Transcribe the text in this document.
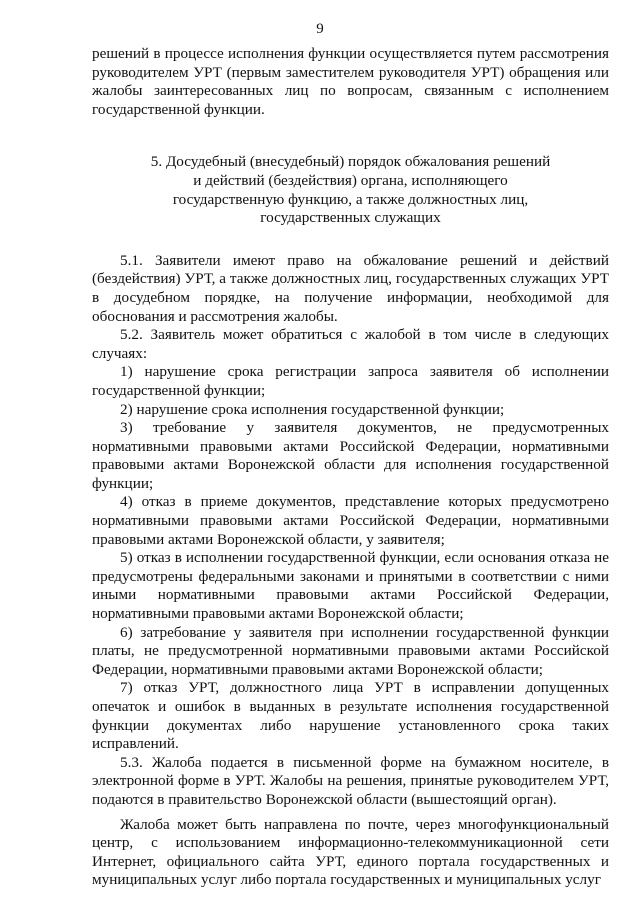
9

решений в процессе исполнения функции осуществляется путем рассмотрения руководителем УРТ (первым заместителем руководителя УРТ) обращения или жалобы заинтересованных лиц по вопросам, связанным с исполнением государственной функции.

5. Досудебный (внесудебный) порядок обжалования решений
и действий (бездействия) органа, исполняющего
государственную функцию, а также должностных лиц,
государственных служащих

5.1. Заявители имеют право на обжалование решений и действий (бездействия) УРТ, а также должностных лиц, государственных служащих УРТ в досудебном порядке, на получение информации, необходимой для обоснования и рассмотрения жалобы.

5.2. Заявитель может обратиться с жалобой в том числе в следующих случаях:

1) нарушение срока регистрации запроса заявителя об исполнении государственной функции;

2) нарушение срока исполнения государственной функции;

3) требование у заявителя документов, не предусмотренных нормативными правовыми актами Российской Федерации, нормативными правовыми актами Воронежской области для исполнения государственной функции;

4) отказ в приеме документов, представление которых предусмотрено нормативными правовыми актами Российской Федерации, нормативными правовыми актами Воронежской области, у заявителя;

5) отказ в исполнении государственной функции, если основания отказа не предусмотрены федеральными законами и принятыми в соответствии с ними иными нормативными правовыми актами Российской Федерации, нормативными правовыми актами Воронежской области;

6) затребование у заявителя при исполнении государственной функции платы, не предусмотренной нормативными правовыми актами Российской Федерации, нормативными правовыми актами Воронежской области;

7) отказ УРТ, должностного лица УРТ в исправлении допущенных опечаток и ошибок в выданных в результате исполнения государственной функции документах либо нарушение установленного срока таких исправлений.

5.3. Жалоба подается в письменной форме на бумажном носителе, в электронной форме в УРТ. Жалобы на решения, принятые руководителем УРТ, подаются в правительство Воронежской области (вышестоящий орган).

Жалоба может быть направлена по почте, через многофункциональный центр, с использованием информационно-телекоммуникационной сети Интернет, официального сайта УРТ, единого портала государственных и муниципальных услуг либо портала государственных и муниципальных услуг
